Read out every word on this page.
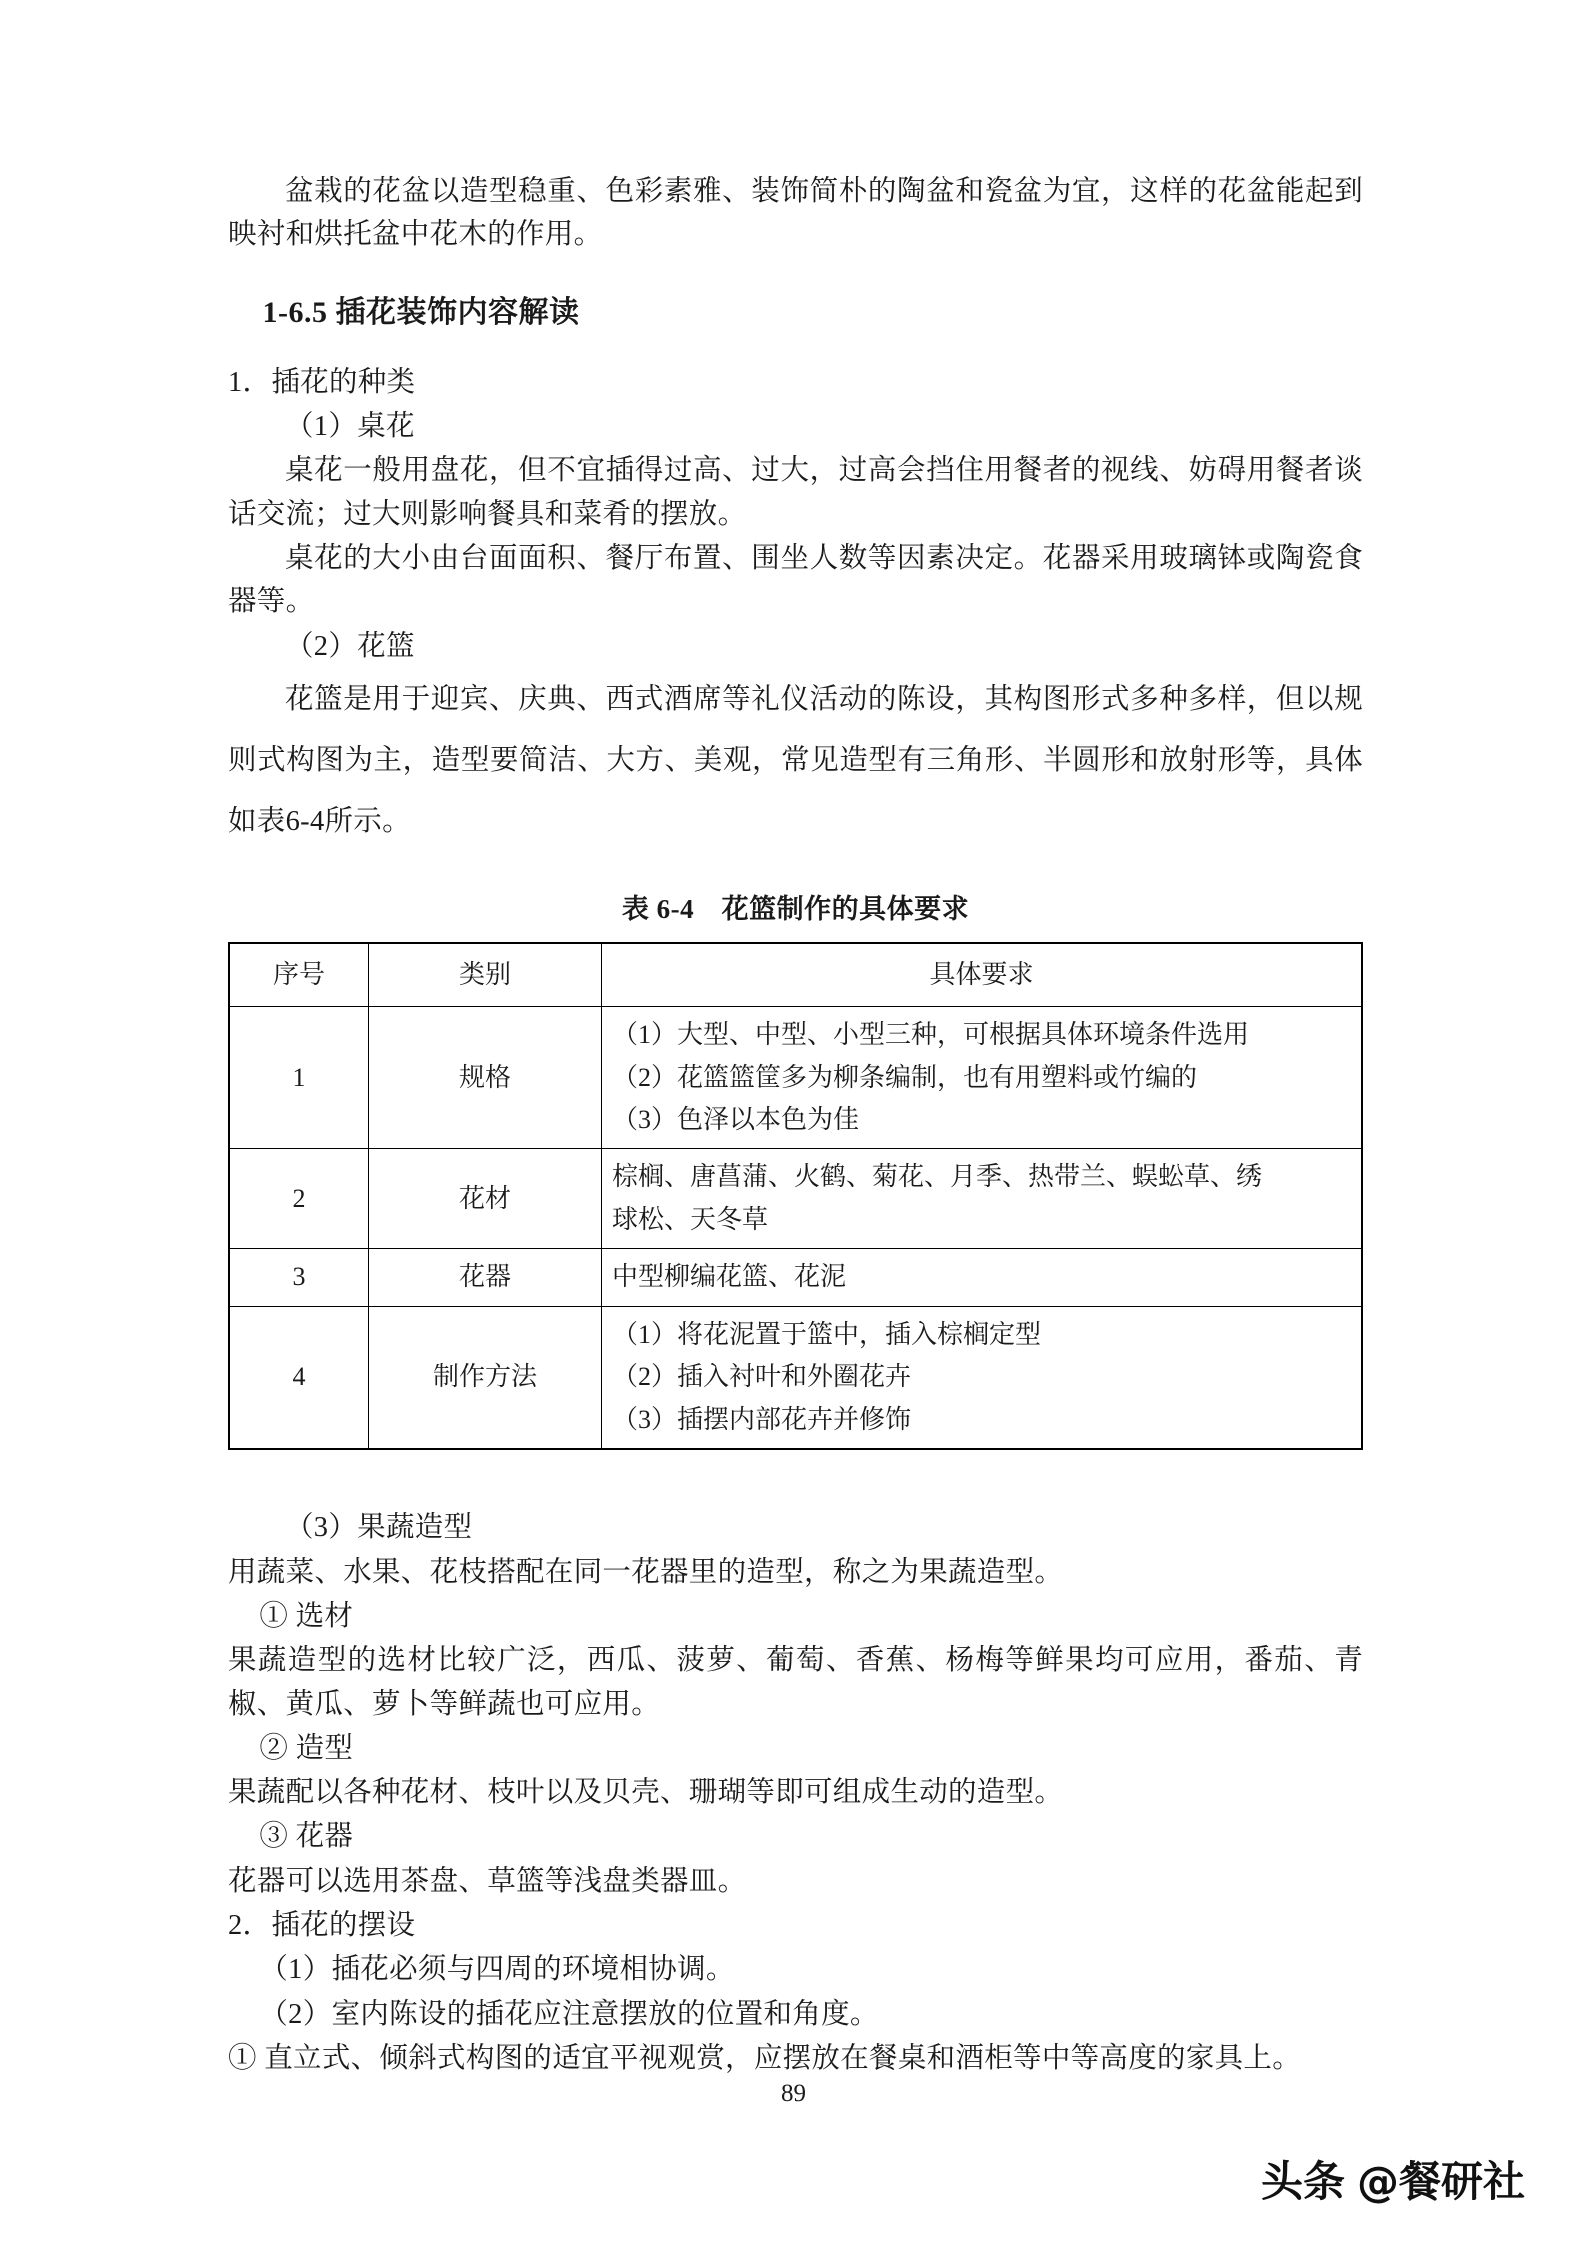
盆栽的花盆以造型稳重、色彩素雅、装饰简朴的陶盆和瓷盆为宜，这样的花盆能起到映衬和烘托盆中花木的作用。

1-6.5 插花装饰内容解读

1．插花的种类

（1）桌花

桌花一般用盘花，但不宜插得过高、过大，过高会挡住用餐者的视线、妨碍用餐者谈话交流；过大则影响餐具和菜肴的摆放。

桌花的大小由台面面积、餐厅布置、围坐人数等因素决定。花器采用玻璃钵或陶瓷食器等。

（2）花篮

花篮是用于迎宾、庆典、西式酒席等礼仪活动的陈设，其构图形式多种多样，但以规则式构图为主，造型要简洁、大方、美观，常见造型有三角形、半圆形和放射形等，具体如表6-4所示。

表 6-4　花篮制作的具体要求
序号	类别	具体要求
1	规格	（1）大型、中型、小型三种，可根据具体环境条件选用
（2）花篮篮筐多为柳条编制，也有用塑料或竹编的
（3）色泽以本色为佳

2	花材	棕榈、唐菖蒲、火鹤、菊花、月季、热带兰、蜈蚣草、绣
球松、天冬草

3	花器	中型柳编花篮、花泥

4	制作方法	（1）将花泥置于篮中，插入棕榈定型
（2）插入衬叶和外圈花卉
（3）插摆内部花卉并修饰

（3）果蔬造型

用蔬菜、水果、花枝搭配在同一花器里的造型，称之为果蔬造型。

① 选材

果蔬造型的选材比较广泛，西瓜、菠萝、葡萄、香蕉、杨梅等鲜果均可应用，番茄、青椒、黄瓜、萝卜等鲜蔬也可应用。

② 造型

果蔬配以各种花材、枝叶以及贝壳、珊瑚等即可组成生动的造型。

③ 花器

花器可以选用茶盘、草篮等浅盘类器皿。

2．插花的摆设

（1）插花必须与四周的环境相协调。

（2）室内陈设的插花应注意摆放的位置和角度。

① 直立式、倾斜式构图的适宜平视观赏，应摆放在餐桌和酒柜等中等高度的家具上。

89
头条 @餐研社
